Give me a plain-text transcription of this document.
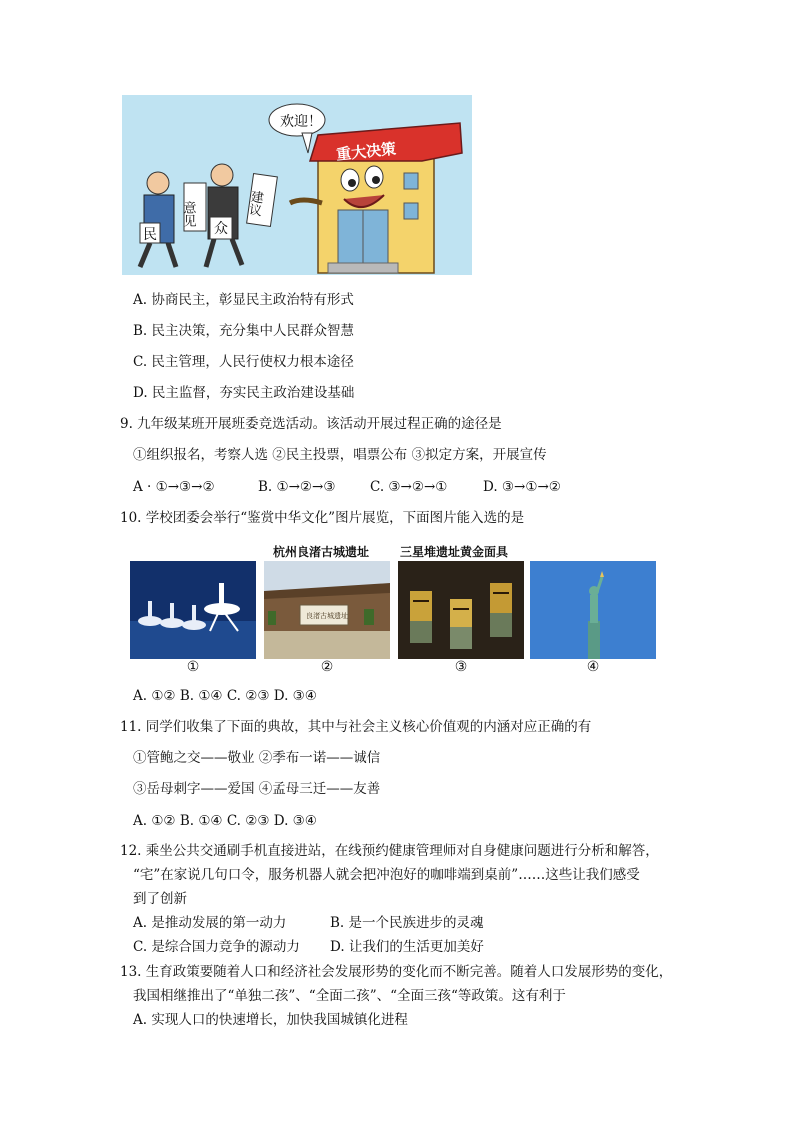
重大决策
欢迎！
民
意见
众
建议
A. 协商民主，彰显民主政治特有形式
B. 民主决策，充分集中人民群众智慧
C. 民主管理，人民行使权力根本途径
D. 民主监督，夯实民主政治建设基础
9. 九年级某班开展班委竞选活动。该活动开展过程正确的途径是
①组织报名，考察人选 ②民主投票，唱票公布 ③拟定方案，开展宣传
A · ①→③→②	B. ①→②→③	C. ③→②→①	D. ③→①→②
10. 学校团委会举行“鉴赏中华文化”图片展览，下面图片能入选的是
杭州良渚古城遗址	三星堆遗址黄金面具
良渚古城遗址
①	②	③	④
A. ①② B. ①④ C. ②③ D. ③④
11. 同学们收集了下面的典故，其中与社会主义核心价值观的内涵对应正确的有
①管鲍之交——敬业 ②季布一诺——诚信
③岳母刺字——爱国 ④孟母三迁——友善
A. ①② B. ①④ C. ②③ D. ③④
12. 乘坐公共交通刷手机直接进站，在线预约健康管理师对自身健康问题进行分析和解答，
“宅”在家说几句口令，服务机器人就会把冲泡好的咖啡端到桌前”……这些让我们感受
到了创新
A. 是推动发展的第一动力	B. 是一个民族进步的灵魂
C. 是综合国力竞争的源动力 D. 让我们的生活更加美好
13. 生育政策要随着人口和经济社会发展形势的变化而不断完善。随着人口发展形势的变化，
我国相继推出了“单独二孩”、“全面二孩”、“全面三孩“等政策。这有利于
A. 实现人口的快速增长，加快我国城镇化进程
